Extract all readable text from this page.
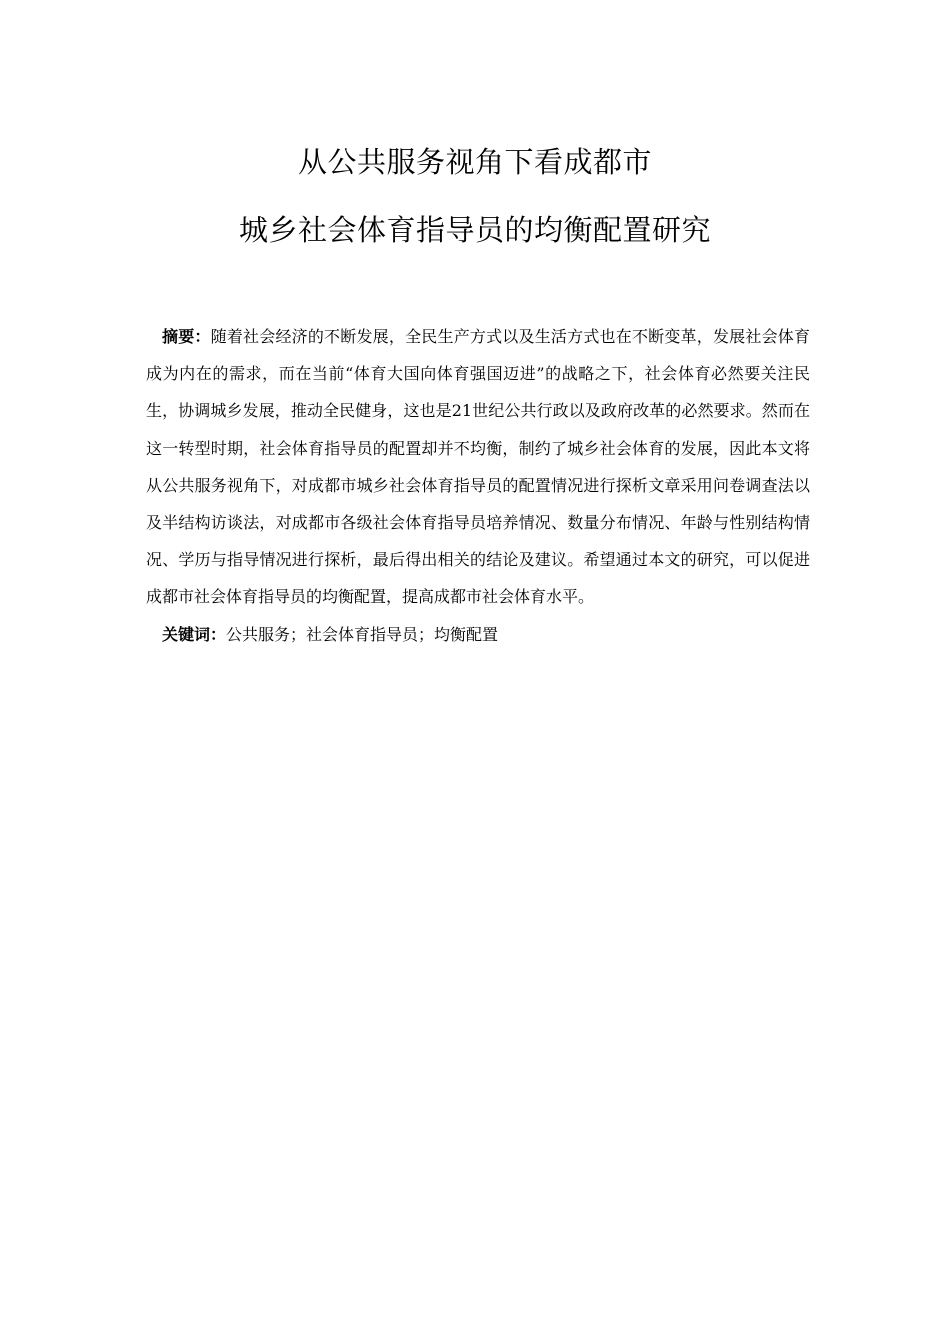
从公共服务视角下看成都市
城乡社会体育指导员的均衡配置研究

摘要：随着社会经济的不断发展，全民生产方式以及生活方式也在不断变革，发展社会体育成为内在的需求，而在当前“体育大国向体育强国迈进”的战略之下，社会体育必然要关注民生，协调城乡发展，推动全民健身，这也是21世纪公共行政以及政府改革的必然要求。然而在这一转型时期，社会体育指导员的配置却并不均衡，制约了城乡社会体育的发展，因此本文将从公共服务视角下，对成都市城乡社会体育指导员的配置情况进行探析文章采用问卷调查法以及半结构访谈法，对成都市各级社会体育指导员培养情况、数量分布情况、年龄与性别结构情况、学历与指导情况进行探析，最后得出相关的结论及建议。希望通过本文的研究，可以促进成都市社会体育指导员的均衡配置，提高成都市社会体育水平。

关键词：公共服务；社会体育指导员；均衡配置
